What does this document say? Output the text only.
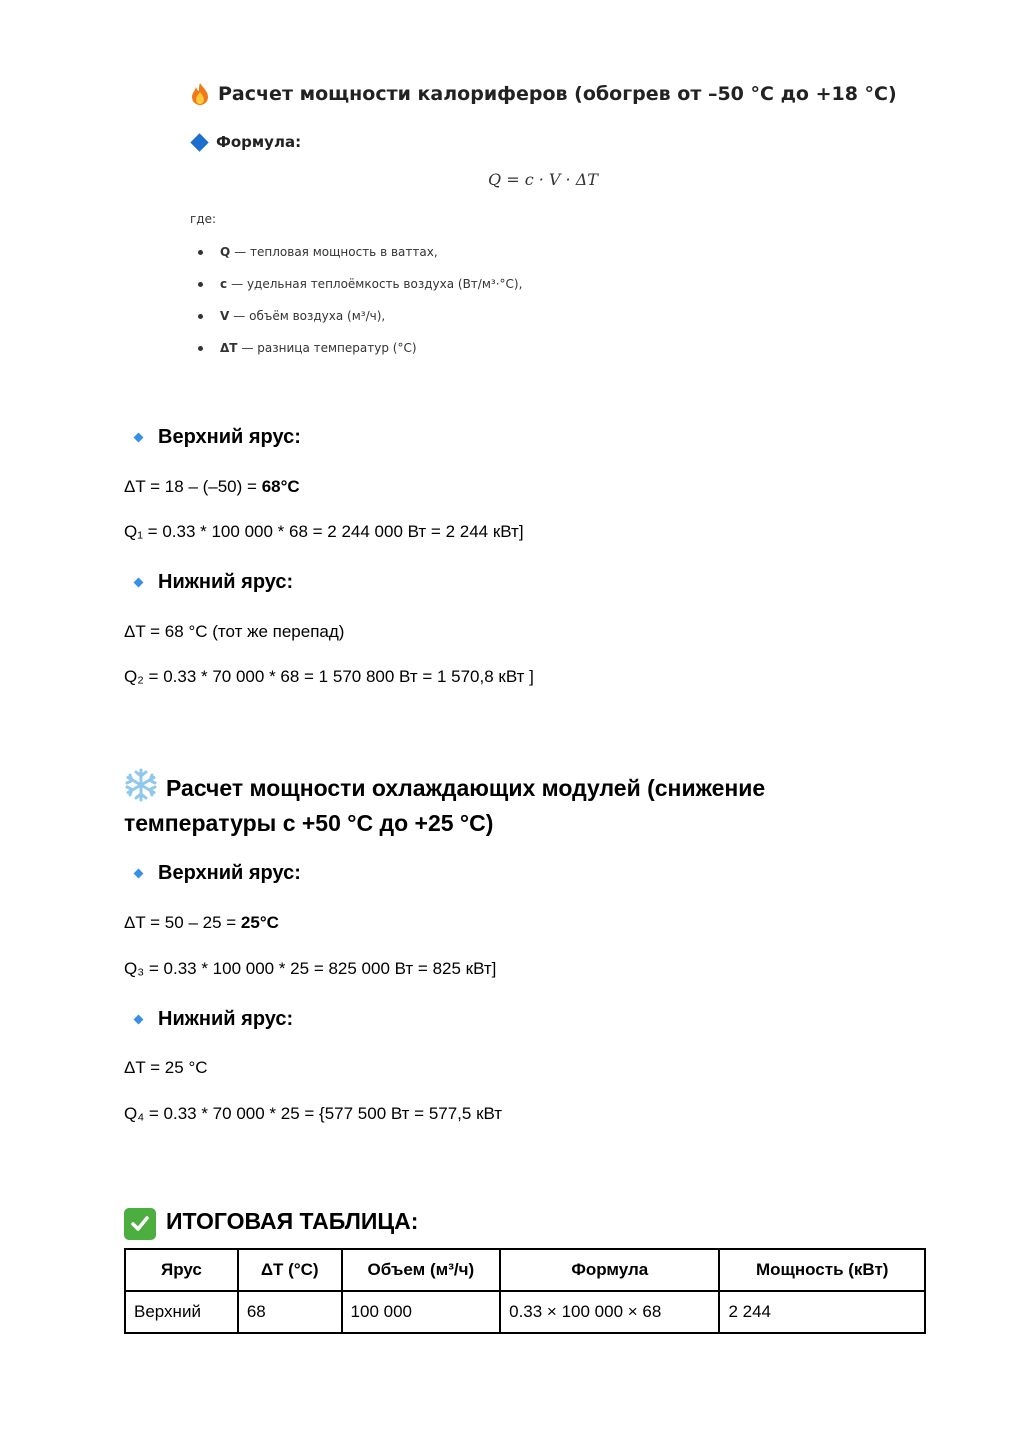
Расчет мощности калориферов (обогрев от –50 °C до +18 °C)
Формула:
Q = c · V · ΔT
где:
Q — тепловая мощность в ваттах,
c — удельная теплоёмкость воздуха (Вт/м³·°C),
V — объём воздуха (м³/ч),
ΔT — разница температур (°C)
Верхний ярус:
ΔT = 18 – (–50) = 68°C
Q₁ = 0.33 * 100 000 * 68 = 2 244 000 Вт = 2 244 кВт]
Нижний ярус:
ΔT = 68 °C (тот же перепад)
Q₂ = 0.33 * 70 000 * 68 = 1 570 800 Вт = 1 570,8 кВт ]
Расчет мощности охлаждающих модулей (снижение температуры с +50 °C до +25 °C)
Верхний ярус:
ΔT = 50 – 25 = 25°C
Q₃ = 0.33 * 100 000 * 25 = 825 000 Вт = 825 кВт]
Нижний ярус:
ΔT = 25 °C
Q₄ = 0.33 * 70 000 * 25 = {577 500 Вт = 577,5 кВт
ИТОГОВАЯ ТАБЛИЦА:
Ярус	ΔT (°C)	Объем (м³/ч)	Формула	Мощность (кВт)
Верхний	68	100 000	0.33 × 100 000 × 68	2 244
